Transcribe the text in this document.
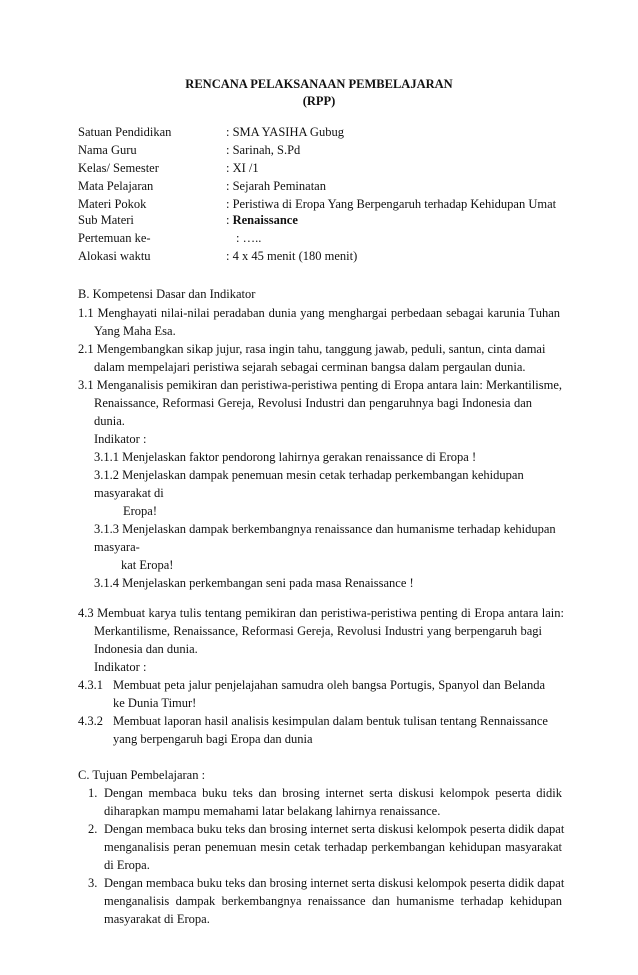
RENCANA PELAKSANAAN PEMBELAJARAN
(RPP)
Satuan Pendidikan	: SMA YASIHA Gubug
Nama Guru	: Sarinah, S.Pd
Kelas/ Semester	: XI /1
Mata Pelajaran	: Sejarah Peminatan
Materi Pokok	: Peristiwa di Eropa Yang Berpengaruh terhadap Kehidupan Umat
Sub Materi	: Renaissance
Pertemuan ke-	: …..
Alokasi waktu	: 4 x 45 menit (180 menit)
B. Kompetensi Dasar dan Indikator
1.1 Menghayati nilai-nilai peradaban dunia yang menghargai perbedaan sebagai karunia Tuhan
Yang Maha Esa.
2.1 Mengembangkan sikap jujur, rasa ingin tahu, tanggung jawab, peduli, santun, cinta damai
dalam mempelajari peristiwa sejarah sebagai cerminan bangsa dalam pergaulan dunia.
3.1 Menganalisis pemikiran dan peristiwa-peristiwa penting di Eropa antara lain: Merkantilisme,
Renaissance, Reformasi Gereja, Revolusi Industri dan pengaruhnya bagi Indonesia dan
dunia.
Indikator :
3.1.1 Menjelaskan faktor pendorong lahirnya gerakan renaissance di Eropa !
3.1.2 Menjelaskan dampak penemuan mesin cetak terhadap perkembangan kehidupan
masyarakat di
Eropa!
3.1.3 Menjelaskan dampak berkembangnya renaissance dan humanisme terhadap kehidupan
masyara-
kat Eropa!
3.1.4 Menjelaskan perkembangan seni pada masa Renaissance !
4.3 Membuat karya tulis tentang pemikiran dan peristiwa-peristiwa penting di Eropa antara lain:
Merkantilisme, Renaissance, Reformasi Gereja, Revolusi Industri yang berpengaruh bagi
Indonesia dan dunia.
Indikator :
4.3.1 Membuat peta jalur penjelajahan samudra oleh bangsa Portugis, Spanyol dan Belanda
ke Dunia Timur!
4.3.2 Membuat laporan hasil analisis kesimpulan dalam bentuk tulisan tentang Rennaissance
yang berpengaruh bagi Eropa dan dunia
C. Tujuan Pembelajaran :
1. Dengan membaca buku teks dan brosing internet serta diskusi kelompok peserta didik
diharapkan mampu memahami latar belakang lahirnya renaissance.
2. Dengan membaca buku teks dan brosing internet serta diskusi kelompok peserta didik dapat
menganalisis peran penemuan mesin cetak terhadap perkembangan kehidupan masyarakat
di Eropa.
3. Dengan membaca buku teks dan brosing internet serta diskusi kelompok peserta didik dapat
menganalisis dampak berkembangnya renaissance dan humanisme terhadap kehidupan
masyarakat di Eropa.
